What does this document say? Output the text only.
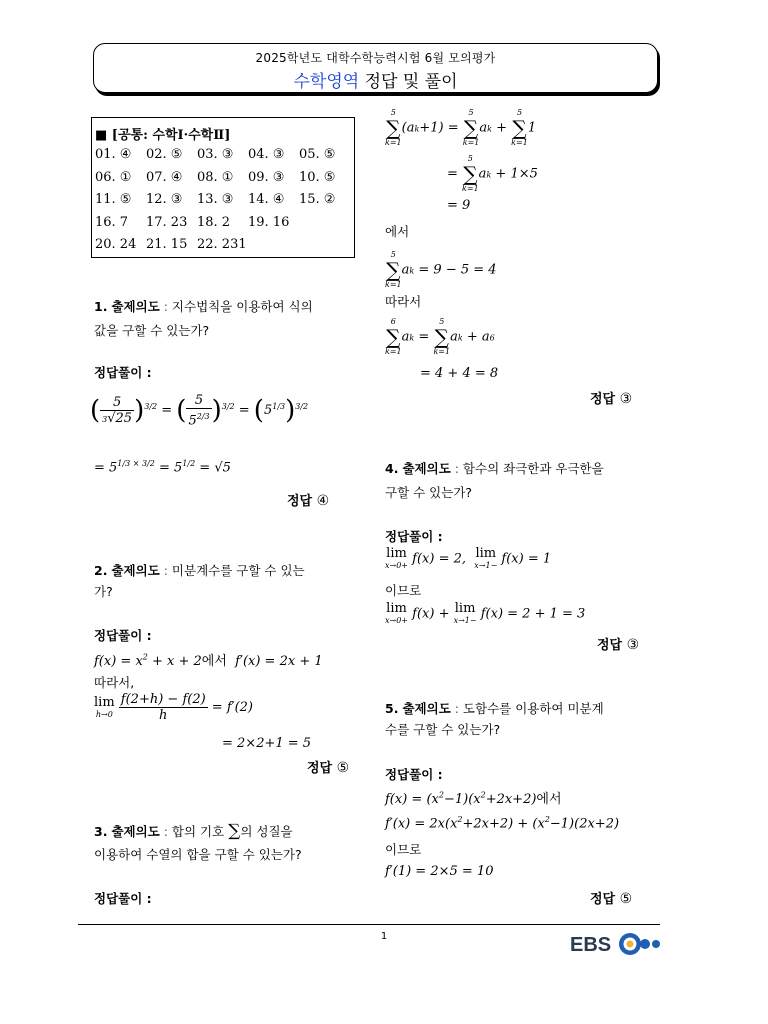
2025학년도 대학수학능력시험 6월 모의평가
수학영역 정답 및 풀이
■ [공통: 수학Ⅰ·수학Ⅱ]
01. ④ 02. ⑤ 03. ③ 04. ③ 05. ⑤
06. ① 07. ④ 08. ① 09. ③ 10. ⑤
11. ⑤ 12. ③ 13. ③ 14. ④ 15. ②
16. 7 17. 23 18. 2 19. 16
20. 24 21. 15 22. 231
1. 출제의도 : 지수법칙을 이용하여 식의
값을 구할 수 있는가?
정답풀이 :
( $\frac{5}{3√25} )^{3/2}$ = ( $\frac{5}{5^{2/3}} )^{3/2} = (5^{1/3})^{3/2}$
= $5^{1/3 \times 3/2} = 5^{1/2} = √5$
정답 ④
2. 출제의도 : 미분계수를 구할 수 있는
가?
정답풀이 :
$f(x) = x^2 + x + 2$에서  f′(x) = 2x + 1
따라서,
lim
h→0
$\frac{f(2+h) - f(2)}{h} = f'(2)$
= 2×2+1 = 5
정답 ⑤
3. 출제의도 : 합의 기호 ∑의 성질을
이용하여 수열의 합을 구할 수 있는가?
정답풀이 :
5
∑
k=1
(ak+1) =
5
∑
k=1
ak +
5
∑
k=1
1
=
5
∑
k=1
ak + 1×5
= 9
에서
5
∑
k=1
ak = 9 − 5 = 4
따라서
6
∑
k=1
ak =
5
∑
k=1
ak + a6
= 4 + 4 = 8
정답 ③
4. 출제의도 : 함수의 좌극한과 우극한을
구할 수 있는가?
정답풀이 :
lim
x→0+ f(x) = 2, lim
x→1− f(x) = 1
이므로
lim
x→0+ f(x) + lim
x→1− f(x) = 2 + 1 = 3
정답 ③
5. 출제의도 : 도함수를 이용하여 미분계
수를 구할 수 있는가?
정답풀이 :
$f(x) = (x^2-1)(x^2+2x+2)$에서
$f'(x) = 2x(x^2+2x+2) + (x^2-1)(2x+2)$
이므로
f′(1) = 2×5 = 10
정답 ⑤
1	EBS
